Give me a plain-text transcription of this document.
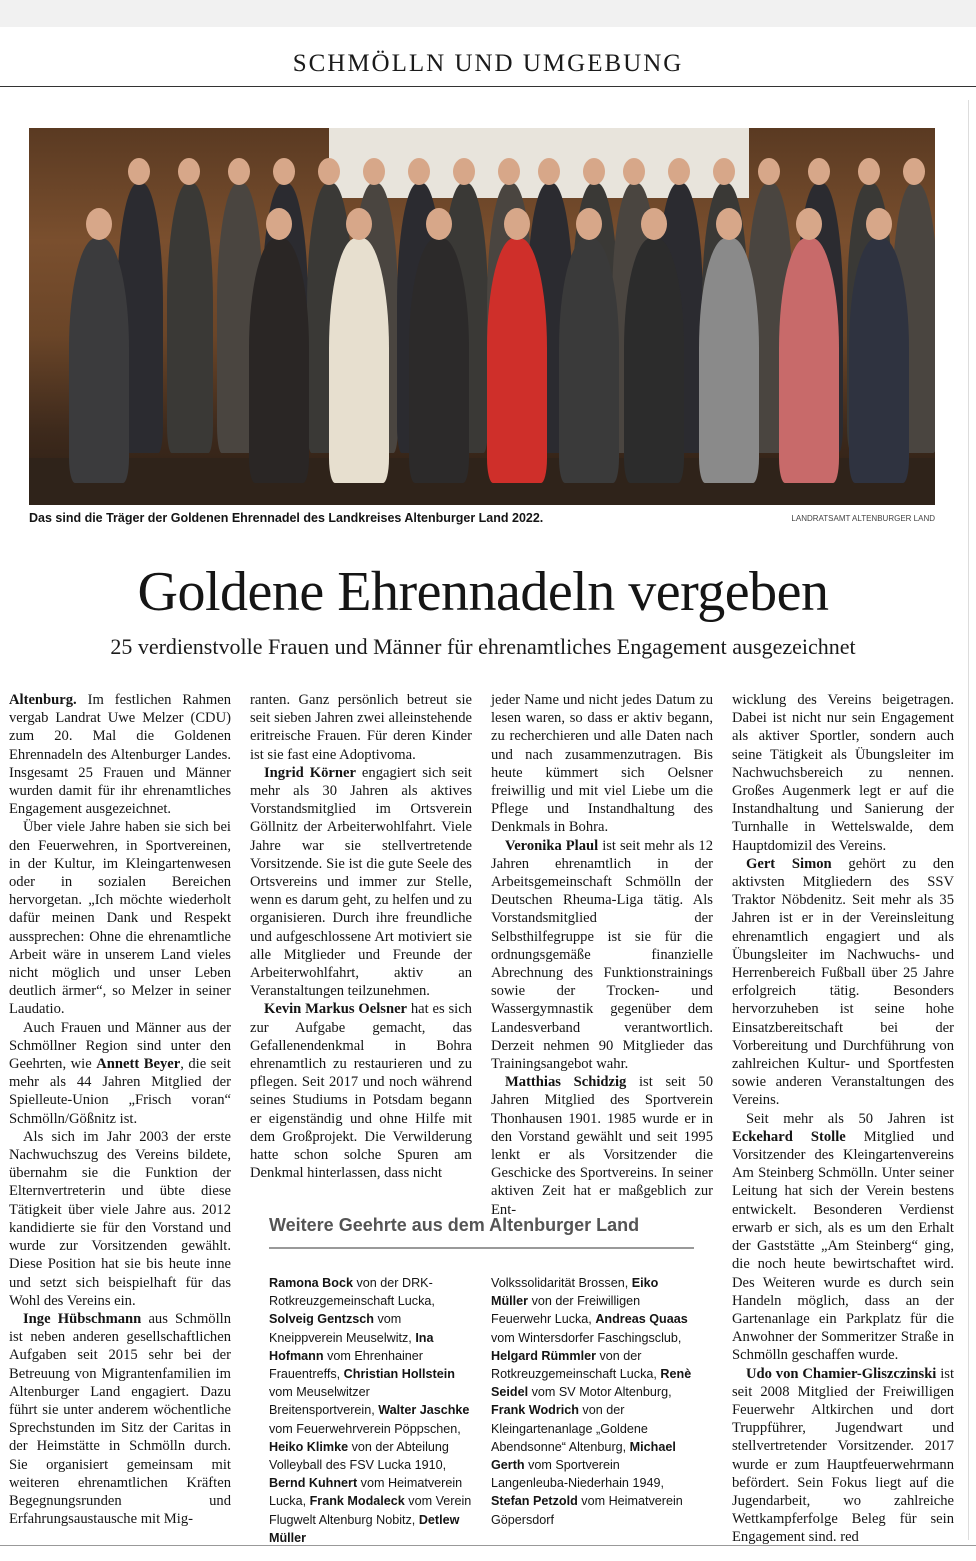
SCHMÖLLN UND UMGEBUNG
Das sind die Träger der Goldenen Ehrennadel des Landkreises Altenburger Land 2022.	LANDRATSAMT ALTENBURGER LAND
Goldene Ehrennadeln vergeben
25 verdienstvolle Frauen und Männer für ehrenamtliches Engagement ausgezeichnet

Altenburg. Im festlichen Rahmen vergab Landrat Uwe Melzer (CDU) zum 20. Mal die Goldenen Ehrennadeln des Altenburger Landes. Insgesamt 25 Frauen und Männer wurden damit für ihr ehrenamtliches Engagement ausgezeichnet.

Über viele Jahre haben sie sich bei den Feuerwehren, in Sportvereinen, in der Kultur, im Kleingartenwesen oder in sozialen Bereichen hervorgetan. „Ich möchte wiederholt dafür meinen Dank und Respekt aussprechen: Ohne die ehrenamtliche Arbeit wäre in unserem Land vieles nicht möglich und unser Leben deutlich ärmer“, so Melzer in seiner Laudatio.

Auch Frauen und Männer aus der Schmöllner Region sind unter den Geehrten, wie Annett Beyer, die seit mehr als 44 Jahren Mitglied der Spielleute-Union „Frisch voran“ Schmölln/Gößnitz ist.

Als sich im Jahr 2003 der erste Nachwuchszug des Vereins bildete, übernahm sie die Funktion der Elternvertreterin und übte diese Tätigkeit über viele Jahre aus. 2012 kandidierte sie für den Vorstand und wurde zur Vorsitzenden gewählt. Diese Position hat sie bis heute inne und setzt sich beispielhaft für das Wohl des Vereins ein.

Inge Hübschmann aus Schmölln ist neben anderen gesellschaftlichen Aufgaben seit 2015 sehr bei der Betreuung von Migrantenfamilien im Altenburger Land engagiert. Dazu führt sie unter anderem wöchentliche Sprechstunden im Sitz der Caritas in der Heimstätte in Schmölln durch. Sie organisiert gemeinsam mit weiteren ehrenamtlichen Kräften Begegnungsrunden und Erfahrungsaustausche mit Mig-

ranten. Ganz persönlich betreut sie seit sieben Jahren zwei alleinstehende eritreische Frauen. Für deren Kinder ist sie fast eine Adoptivoma.

Ingrid Körner engagiert sich seit mehr als 30 Jahren als aktives Vorstandsmitglied im Ortsverein Göllnitz der Arbeiterwohlfahrt. Viele Jahre war sie stellvertretende Vorsitzende. Sie ist die gute Seele des Ortsvereins und immer zur Stelle, wenn es darum geht, zu helfen und zu organisieren. Durch ihre freundliche und aufgeschlossene Art motiviert sie alle Mitglieder und Freunde der Arbeiterwohlfahrt, aktiv an Veranstaltungen teilzunehmen.

Kevin Markus Oelsner hat es sich zur Aufgabe gemacht, das Gefallenendenkmal in Bohra ehrenamtlich zu restaurieren und zu pflegen. Seit 2017 und noch während seines Studiums in Potsdam begann er eigenständig und ohne Hilfe mit dem Großprojekt. Die Verwilderung hatte schon solche Spuren am Denkmal hinterlassen, dass nicht

jeder Name und nicht jedes Datum zu lesen waren, so dass er aktiv begann, zu recherchieren und alle Daten nach und nach zusammenzutragen. Bis heute kümmert sich Oelsner freiwillig und mit viel Liebe um die Pflege und Instandhaltung des Denkmals in Bohra.

Veronika Plaul ist seit mehr als 12 Jahren ehrenamtlich in der Arbeitsgemeinschaft Schmölln der Deutschen Rheuma-Liga tätig. Als Vorstandsmitglied der Selbsthilfegruppe ist sie für die ordnungsgemäße finanzielle Abrechnung des Funktionstrainings sowie der Trocken- und Wassergymnastik gegenüber dem Landesverband verantwortlich. Derzeit nehmen 90 Mitglieder das Trainingsangebot wahr.

Matthias Schidzig ist seit 50 Jahren Mitglied des Sportverein Thonhausen 1901. 1985 wurde er in den Vorstand gewählt und seit 1995 lenkt er als Vorsitzender die Geschicke des Sportvereins. In seiner aktiven Zeit hat er maßgeblich zur Ent-

wicklung des Vereins beigetragen. Dabei ist nicht nur sein Engagement als aktiver Sportler, sondern auch seine Tätigkeit als Übungsleiter im Nachwuchsbereich zu nennen. Großes Augenmerk legt er auf die Instandhaltung und Sanierung der Turnhalle in Wettelswalde, dem Hauptdomizil des Vereins.

Gert Simon gehört zu den aktivsten Mitgliedern des SSV Traktor Nöbdenitz. Seit mehr als 35 Jahren ist er in der Vereinsleitung ehrenamtlich engagiert und als Übungsleiter im Nachwuchs- und Herrenbereich Fußball über 25 Jahre erfolgreich tätig. Besonders hervorzuheben ist seine hohe Einsatzbereitschaft bei der Vorbereitung und Durchführung von zahlreichen Kultur- und Sportfesten sowie anderen Veranstaltungen des Vereins.

Seit mehr als 50 Jahren ist Eckehard Stolle Mitglied und Vorsitzender des Kleingartenvereins Am Steinberg Schmölln. Unter seiner Leitung hat sich der Verein bestens entwickelt. Besonderen Verdienst erwarb er sich, als es um den Erhalt der Gaststätte „Am Steinberg“ ging, die noch heute bewirtschaftet wird. Des Weiteren wurde es durch sein Handeln möglich, dass an der Gartenanlage ein Parkplatz für die Anwohner der Sommeritzer Straße in Schmölln geschaffen wurde.

Udo von Chamier-Gliszczinski ist seit 2008 Mitglied der Freiwilligen Feuerwehr Altkirchen und dort Truppführer, Jugendwart und stellvertretender Vorsitzender. 2017 wurde er zum Hauptfeuerwehrmann befördert. Sein Fokus liegt auf die Jugendarbeit, wo zahlreiche Wettkampferfolge Beleg für sein Engagement sind. red

Weitere Geehrte aus dem Altenburger Land
Ramona Bock von der DRK-Rotkreuzgemeinschaft Lucka, Solveig Gentzsch vom Kneippverein Meuselwitz, Ina Hofmann vom Ehrenhainer Frauentreffs, Christian Hollstein vom Meuselwitzer Breitensportverein, Walter Jaschke vom Feuerwehrverein Pöppschen, Heiko Klimke von der Abteilung Volleyball des FSV Lucka 1910, Bernd Kuhnert vom Heimatverein Lucka, Frank Modaleck vom Verein Flugwelt Altenburg Nobitz, Detlew Müller
Volkssolidarität Brossen, Eiko Müller von der Freiwilligen Feuerwehr Lucka, Andreas Quaas vom Wintersdorfer Faschingsclub, Helgard Rümmler von der Rotkreuzgemeinschaft Lucka, Renè Seidel vom SV Motor Altenburg, Frank Wodrich von der Kleingartenanlage „Goldene Abendsonne“ Altenburg, Michael Gerth vom Sportverein Langenleuba-Niederhain 1949, Stefan Petzold vom Heimatverein Göpersdorf
